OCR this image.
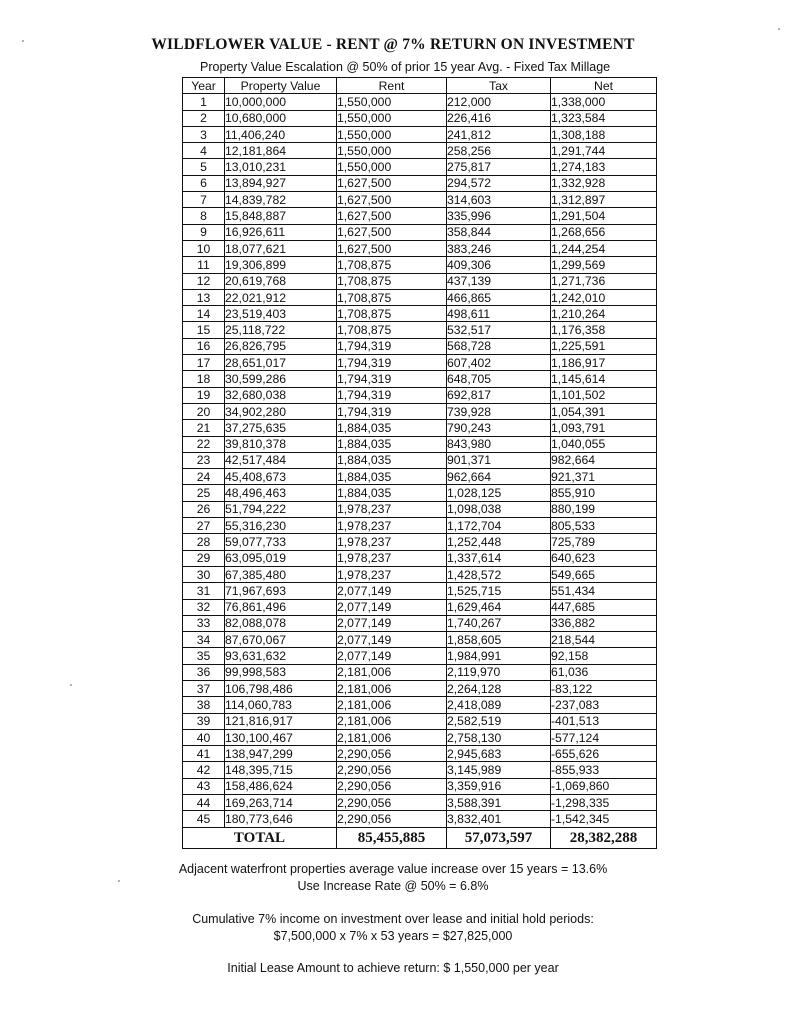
WILDFLOWER VALUE - RENT @ 7% RETURN ON INVESTMENT
Property Value Escalation @ 50% of prior 15 year Avg. - Fixed Tax Millage
Year	Property Value	Rent	Tax	Net
1	10,000,000	1,550,000	212,000	1,338,000
2	10,680,000	1,550,000	226,416	1,323,584
3	11,406,240	1,550,000	241,812	1,308,188
4	12,181,864	1,550,000	258,256	1,291,744
5	13,010,231	1,550,000	275,817	1,274,183
6	13,894,927	1,627,500	294,572	1,332,928
7	14,839,782	1,627,500	314,603	1,312,897
8	15,848,887	1,627,500	335,996	1,291,504
9	16,926,611	1,627,500	358,844	1,268,656
10	18,077,621	1,627,500	383,246	1,244,254
11	19,306,899	1,708,875	409,306	1,299,569
12	20,619,768	1,708,875	437,139	1,271,736
13	22,021,912	1,708,875	466,865	1,242,010
14	23,519,403	1,708,875	498,611	1,210,264
15	25,118,722	1,708,875	532,517	1,176,358
16	26,826,795	1,794,319	568,728	1,225,591
17	28,651,017	1,794,319	607,402	1,186,917
18	30,599,286	1,794,319	648,705	1,145,614
19	32,680,038	1,794,319	692,817	1,101,502
20	34,902,280	1,794,319	739,928	1,054,391
21	37,275,635	1,884,035	790,243	1,093,791
22	39,810,378	1,884,035	843,980	1,040,055
23	42,517,484	1,884,035	901,371	982,664
24	45,408,673	1,884,035	962,664	921,371
25	48,496,463	1,884,035	1,028,125	855,910
26	51,794,222	1,978,237	1,098,038	880,199
27	55,316,230	1,978,237	1,172,704	805,533
28	59,077,733	1,978,237	1,252,448	725,789
29	63,095,019	1,978,237	1,337,614	640,623
30	67,385,480	1,978,237	1,428,572	549,665
31	71,967,693	2,077,149	1,525,715	551,434
32	76,861,496	2,077,149	1,629,464	447,685
33	82,088,078	2,077,149	1,740,267	336,882
34	87,670,067	2,077,149	1,858,605	218,544
35	93,631,632	2,077,149	1,984,991	92,158
36	99,998,583	2,181,006	2,119,970	61,036
37	106,798,486	2,181,006	2,264,128	-83,122
38	114,060,783	2,181,006	2,418,089	-237,083
39	121,816,917	2,181,006	2,582,519	-401,513
40	130,100,467	2,181,006	2,758,130	-577,124
41	138,947,299	2,290,056	2,945,683	-655,626
42	148,395,715	2,290,056	3,145,989	-855,933
43	158,486,624	2,290,056	3,359,916	-1,069,860
44	169,263,714	2,290,056	3,588,391	-1,298,335
45	180,773,646	2,290,056	3,832,401	-1,542,345
TOTAL		85,455,885	57,073,597	28,382,288
Adjacent waterfront properties average value increase over 15 years = 13.6%
Use Increase Rate @ 50% = 6.8%
Cumulative 7% income on investment over lease and initial hold periods:
$7,500,000 x 7% x 53 years = $27,825,000
Initial Lease Amount to achieve return: $ 1,550,000 per year
